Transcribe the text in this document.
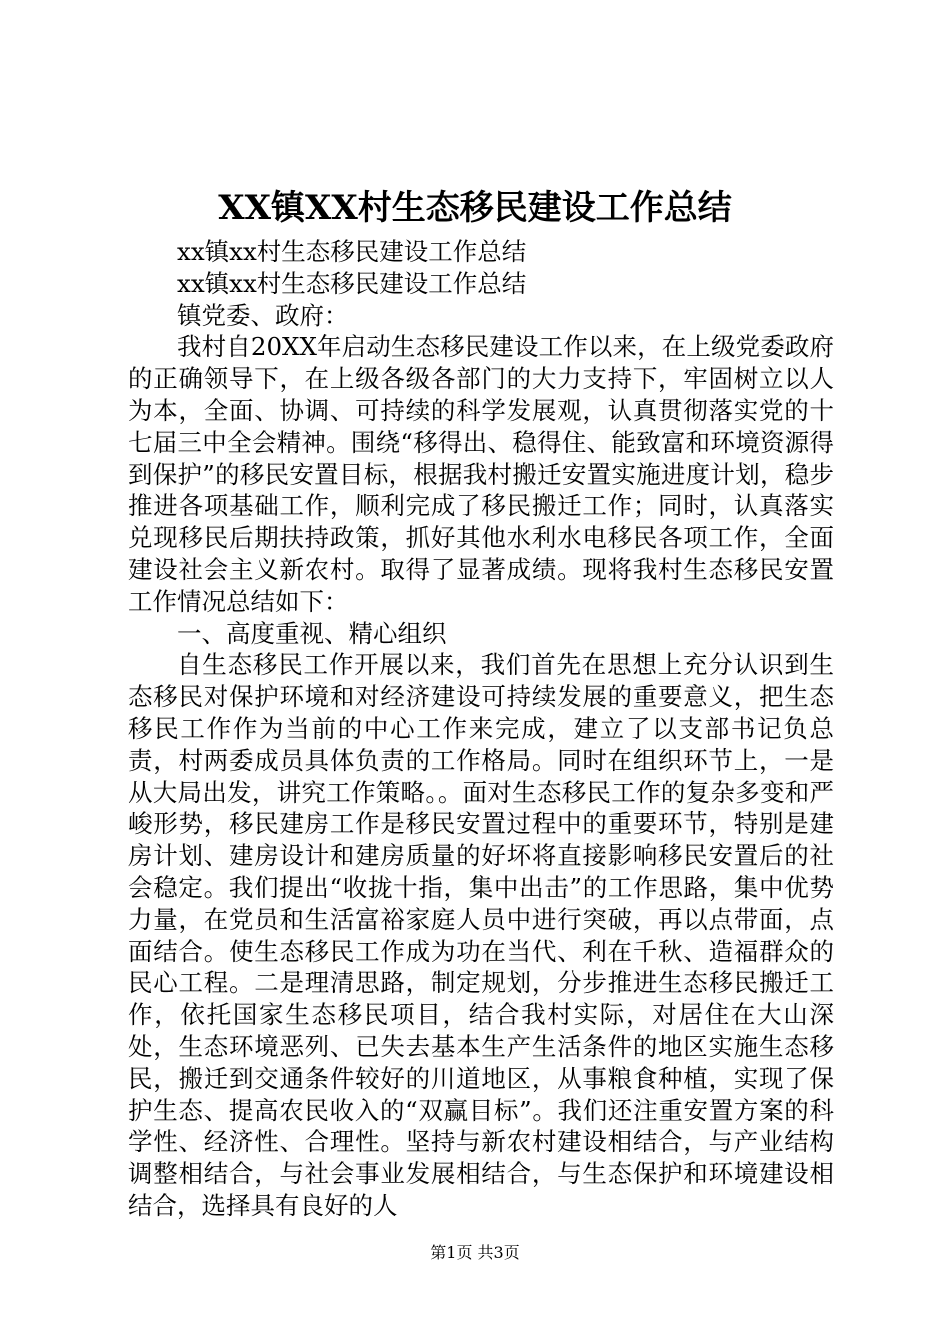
XX镇XX村生态移民建设工作总结

xx镇xx村生态移民建设工作总结

xx镇xx村生态移民建设工作总结

镇党委、政府：

我村自20XX年启动生态移民建设工作以来，在上级党委政府的正确领导下，在上级各级各部门的大力支持下，牢固树立以人为本，全面、协调、可持续的科学发展观，认真贯彻落实党的十七届三中全会精神。围绕“移得出、稳得住、能致富和环境资源得到保护”的移民安置目标，根据我村搬迁安置实施进度计划，稳步推进各项基础工作，顺利完成了移民搬迁工作；同时，认真落实兑现移民后期扶持政策，抓好其他水利水电移民各项工作，全面建设社会主义新农村。取得了显著成绩。现将我村生态移民安置工作情况总结如下：

一、高度重视、精心组织

自生态移民工作开展以来，我们首先在思想上充分认识到生态移民对保护环境和对经济建设可持续发展的重要意义，把生态移民工作作为当前的中心工作来完成，建立了以支部书记负总责，村两委成员具体负责的工作格局。同时在组织环节上，一是从大局出发，讲究工作策略。。面对生态移民工作的复杂多变和严峻形势，移民建房工作是移民安置过程中的重要环节，特别是建房计划、建房设计和建房质量的好坏将直接影响移民安置后的社会稳定。我们提出“收拢十指，集中出击”的工作思路，集中优势力量，在党员和生活富裕家庭人员中进行突破，再以点带面，点面结合。使生态移民工作成为功在当代、利在千秋、造福群众的民心工程。二是理清思路，制定规划，分步推进生态移民搬迁工作，依托国家生态移民项目，结合我村实际，对居住在大山深处，生态环境恶列、已失去基本生产生活条件的地区实施生态移民，搬迁到交通条件较好的川道地区，从事粮食种植，实现了保护生态、提高农民收入的“双赢目标”。我们还注重安置方案的科学性、经济性、合理性。坚持与新农村建设相结合，与产业结构调整相结合，与社会事业发展相结合，与生态保护和环境建设相结合，选择具有良好的人

第1页 共3页
